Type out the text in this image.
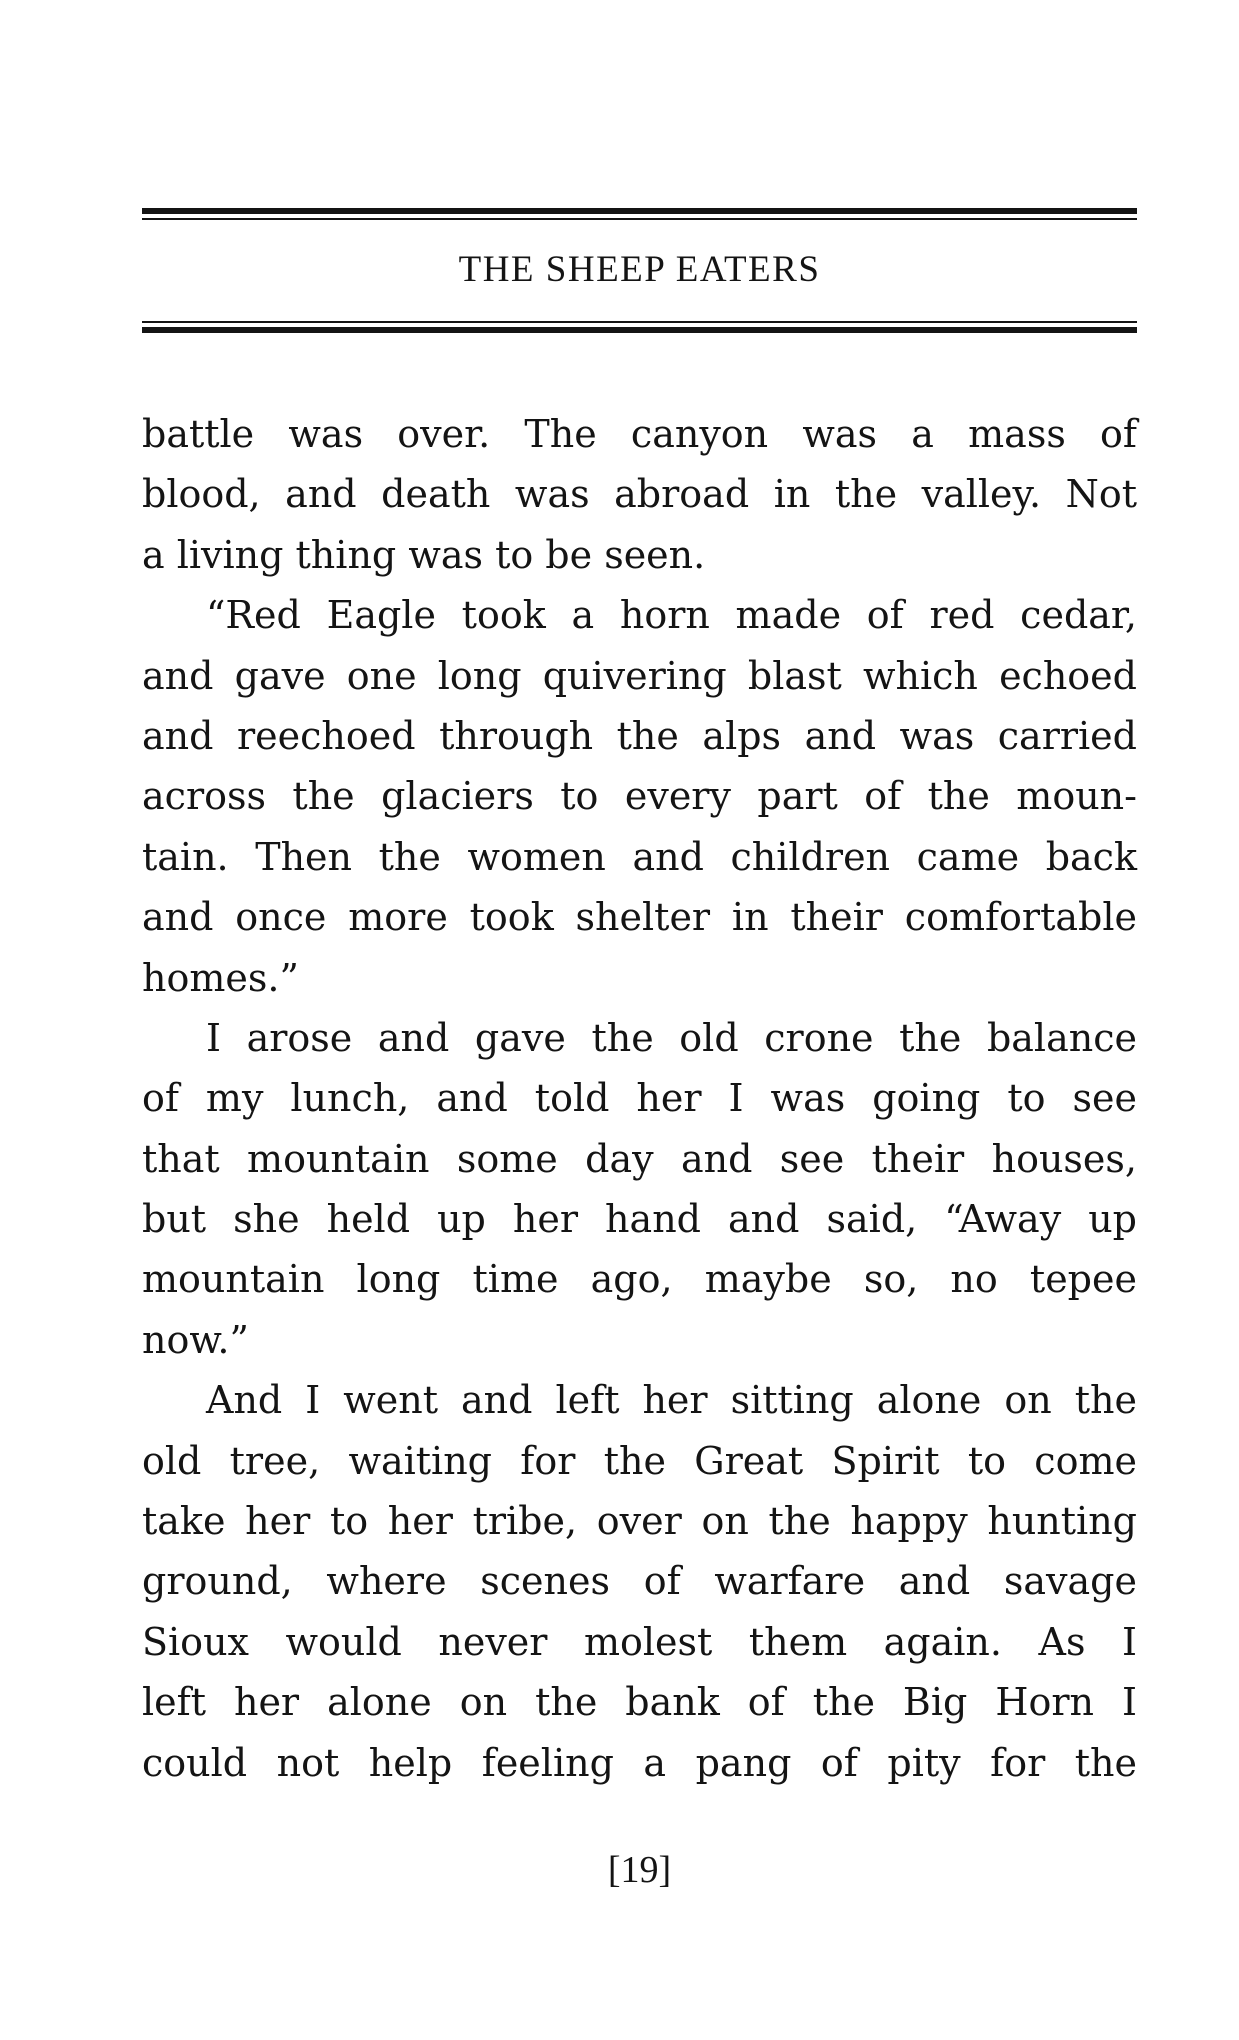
THE SHEEP EATERS
battle was over. The canyon was a mass of
blood, and death was abroad in the valley. Not
a living thing was to be seen.
“Red Eagle took a horn made of red cedar,
and gave one long quivering blast which echoed
and reechoed through the alps and was carried
across the glaciers to every part of the moun-
tain. Then the women and children came back
and once more took shelter in their comfortable
homes.”
I arose and gave the old crone the balance
of my lunch, and told her I was going to see
that mountain some day and see their houses,
but she held up her hand and said, “Away up
mountain long time ago, maybe so, no tepee
now.”
And I went and left her sitting alone on the
old tree, waiting for the Great Spirit to come
take her to her tribe, over on the happy hunting
ground, where scenes of warfare and savage
Sioux would never molest them again. As I
left her alone on the bank of the Big Horn I
could not help feeling a pang of pity for the
[19]
